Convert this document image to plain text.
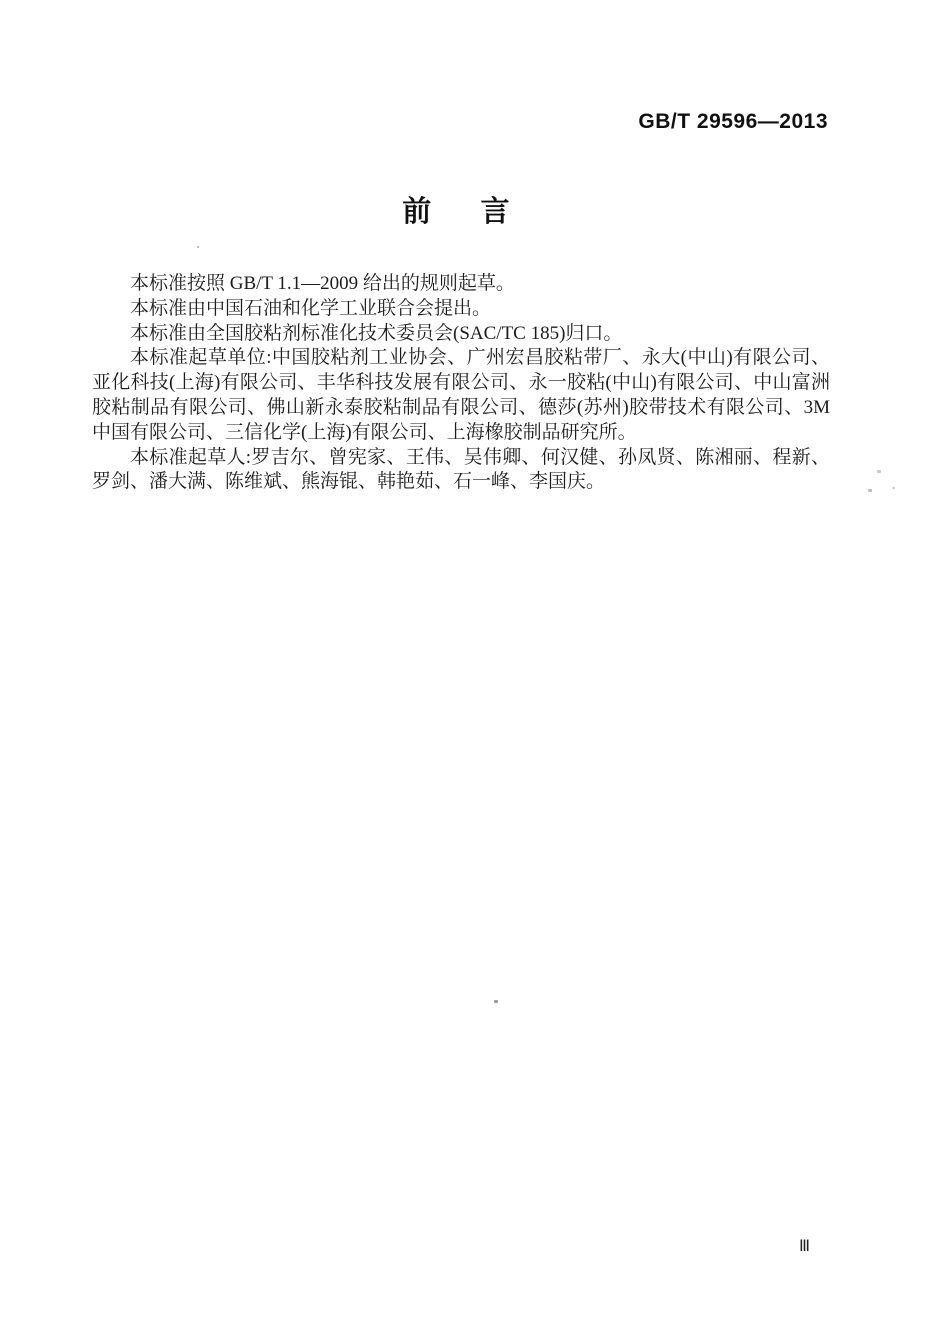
GB/T 29596—2013
前言

本标准按照 GB/T 1.1—2009 给出的规则起草。

本标准由中国石油和化学工业联合会提出。

本标准由全国胶粘剂标准化技术委员会(SAC/TC 185)归口。

本标准起草单位:中国胶粘剂工业协会、广州宏昌胶粘带厂、永大(中山)有限公司、亚化科技(上海)有限公司、丰华科技发展有限公司、永一胶粘(中山)有限公司、中山富洲胶粘制品有限公司、佛山新永泰胶粘制品有限公司、德莎(苏州)胶带技术有限公司、3M 中国有限公司、三信化学(上海)有限公司、上海橡胶制品研究所。

本标准起草人:罗吉尔、曾宪家、王伟、吴伟卿、何汉健、孙凤贤、陈湘丽、程新、罗剑、潘大满、陈维斌、熊海锟、韩艳茹、石一峰、李国庆。

Ⅲ
